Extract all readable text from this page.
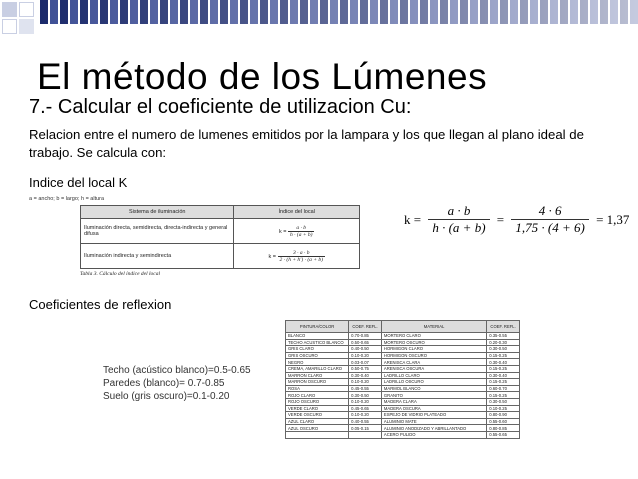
El método de los Lúmenes
7.- Calcular el coeficiente de utilizacion Cu:
Relacion entre el numero de lumenes emitidos por la lampara y los que llegan al plano ideal de trabajo. Se calcula con:
Indice del local K
a = ancho; b = largo; h = altura
Sistema de iluminación	Índice del local
Iluminación directa, semidirecta, directa-indirecta y general difusa	$k = \frac{a \cdot b}{h \cdot (a + b)}$

Iluminación indirecta y semindirecta	$k = \frac{3 \cdot a \cdot b}{2 \cdot (h + h') \cdot (a + b)}$
Tabla 3. Cálculo del índice del local
$k = \frac{a \cdot b}{h \cdot (a + b)} = \frac{4 \cdot 6}{1,75 \cdot (4 + 6)} = 1,37$
Coeficientes de reflexion
Techo (acústico blanco)=0.5-0.65
Paredes (blanco)= 0.7-0.85
Suelo (gris oscuro)=0.1-0.20
PINTURA/COLOR	COEF. REFL.	MATERIAL	COEF. REFL.
BLANCO	0.70-0.85	MORTERO CLARO	0.35-0.55
TECHO ACUSTICO BLANCO	0.50-0.65	MORTERO OSCURO	0.20-0.30
GRIS CLARO	0.40-0.50	HORMIGON CLARO	0.30-0.50
GRIS OSCURO	0.10-0.20	HORMIGON OSCURO	0.15-0.25
NEGRO	0.03-0.07	ARENISCA CLARA	0.30-0.40
CREMA, AMARILLO CLARO	0.50-0.75	ARENISCA OSCURA	0.15-0.25
MARRON CLARO	0.30-0.40	LADRILLO CLARO	0.30-0.40
MARRON OSCURO	0.10-0.20	LADRILLO OSCURO	0.15-0.25
ROSA	0.45-0.55	MARMOL BLANCO	0.60-0.70
ROJO CLARO	0.30-0.50	GRANITO	0.15-0.25
ROJO OSCURO	0.10-0.20	MADERA CLARA	0.30-0.50
VERDE CLARO	0.45-0.65	MADERA OSCURA	0.10-0.25
VERDE OSCURO	0.10-0.20	ESPEJO DE VIDRIO PLATEADO	0.80-0.90
AZUL CLARO	0.40-0.55	ALUMINIO MATE	0.55-0.60
AZUL OSCURO	0.05-0.15	ALUMINIO ANODIZADO Y ABRILLANTADO	0.80-0.85
		ACERO PULIDO	0.55-0.65
